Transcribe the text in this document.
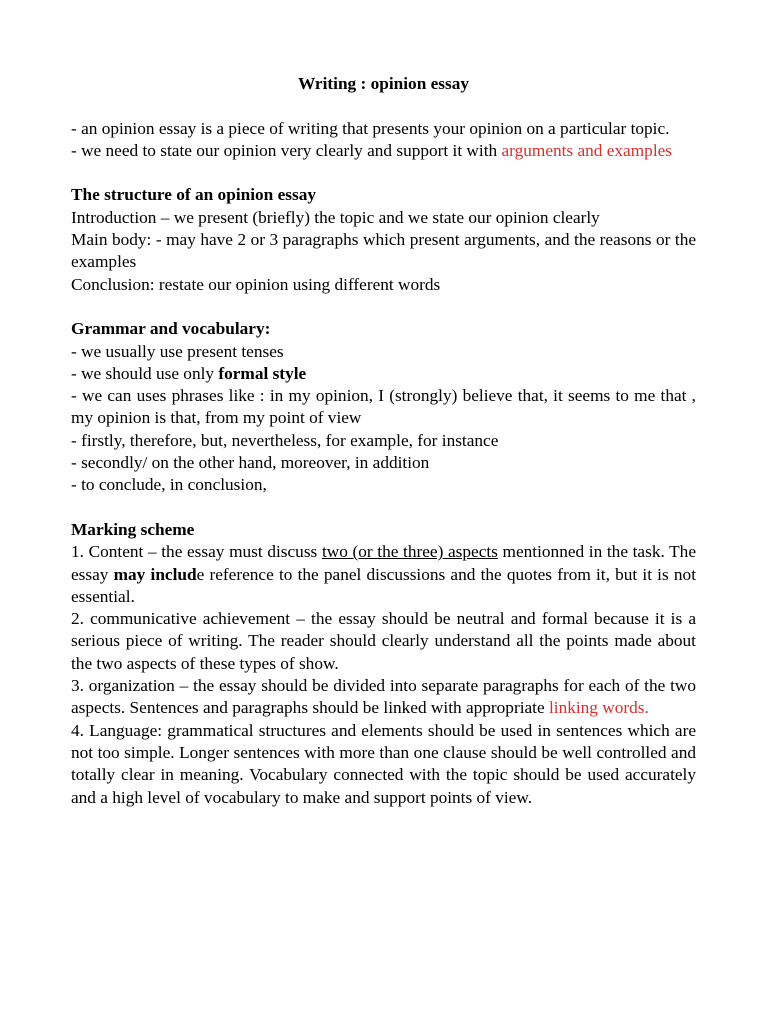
Writing : opinion essay

- an opinion essay is a piece of writing that presents your opinion on a particular topic.

- we need to state our opinion very clearly and support it with arguments and examples

The structure of an opinion essay

Introduction – we present (briefly) the topic and we state our opinion clearly

Main body: - may have 2 or 3 paragraphs which present arguments, and the reasons or the examples

Conclusion: restate our opinion using different words

Grammar and vocabulary:

- we usually use present tenses

- we should use only formal style

- we can uses phrases like : in my opinion, I (strongly) believe that, it seems to me that , my opinion is that, from my point of view

- firstly, therefore, but, nevertheless, for example, for instance

- secondly/ on the other hand, moreover, in addition

- to conclude, in conclusion,

Marking scheme

1. Content – the essay must discuss two (or the three) aspects mentionned in the task. The essay may include reference to the panel discussions and the quotes from it, but it is not essential.

2. communicative achievement – the essay should be neutral and formal because it is a serious piece of writing. The reader should clearly understand all the points made about the two aspects of these types of show.

3. organization – the essay should be divided into separate paragraphs for each of the two aspects. Sentences and paragraphs should be linked with appropriate linking words.

4. Language: grammatical structures and elements should be used in sentences which are not too simple. Longer sentences with more than one clause should be well controlled and totally clear in meaning. Vocabulary connected with the topic should be used accurately and a high level of vocabulary to make and support points of view.
